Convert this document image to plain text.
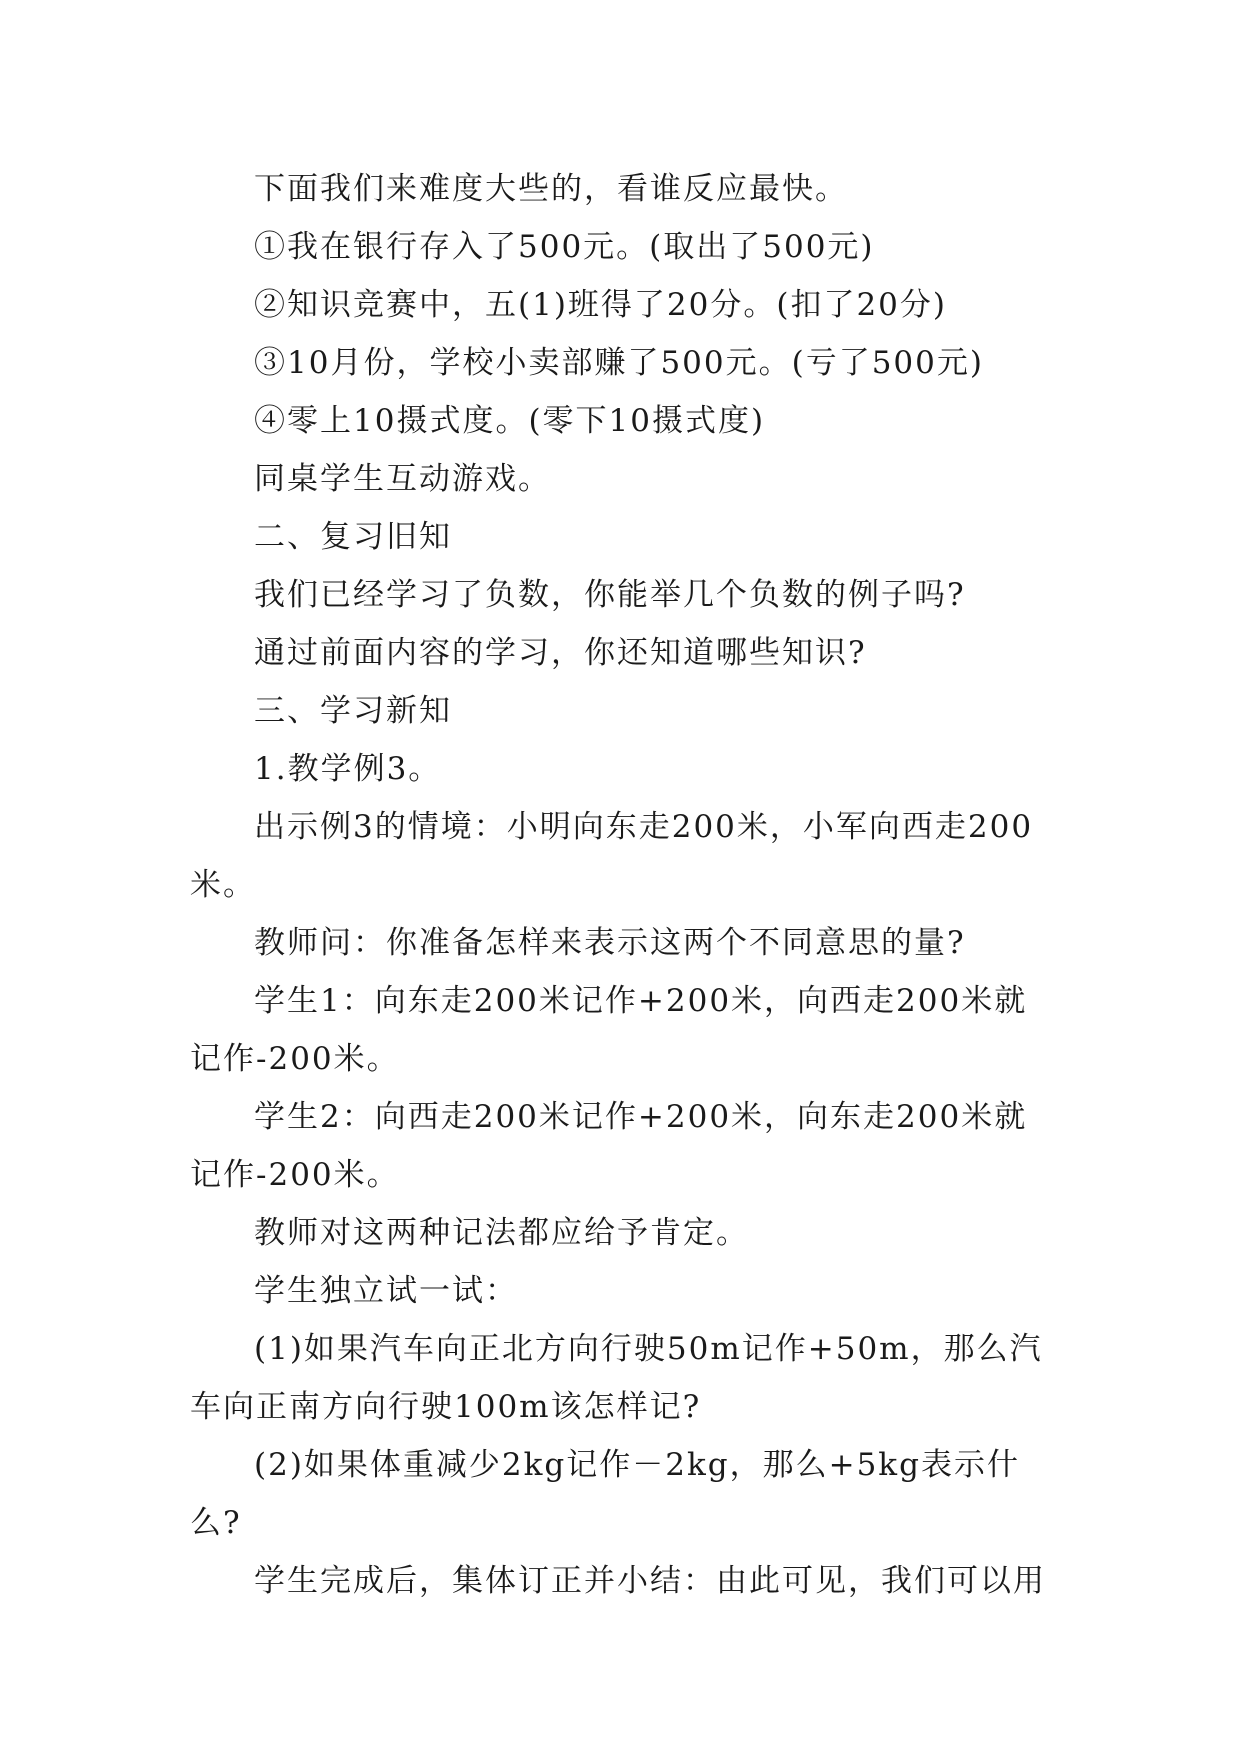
下面我们来难度大些的，看谁反应最快。

①我在银行存入了500元。(取出了500元)

②知识竞赛中，五(1)班得了20分。(扣了20分)

③10月份，学校小卖部赚了500元。(亏了500元)

④零上10摄式度。(零下10摄式度)

同桌学生互动游戏。

二、复习旧知

我们已经学习了负数，你能举几个负数的例子吗?

通过前面内容的学习，你还知道哪些知识?

三、学习新知

1.教学例3。

出示例3的情境：小明向东走200米，小军向西走200米。

教师问：你准备怎样来表示这两个不同意思的量?

学生1：向东走200米记作+200米，向西走200米就记作-200米。

学生2：向西走200米记作+200米，向东走200米就记作-200米。

教师对这两种记法都应给予肯定。

学生独立试一试：

(1)如果汽车向正北方向行驶50m记作+50m，那么汽车向正南方向行驶100m该怎样记?

(2)如果体重减少2kg记作－2kg，那么+5kg表示什么?

学生完成后，集体订正并小结：由此可见，我们可以用
